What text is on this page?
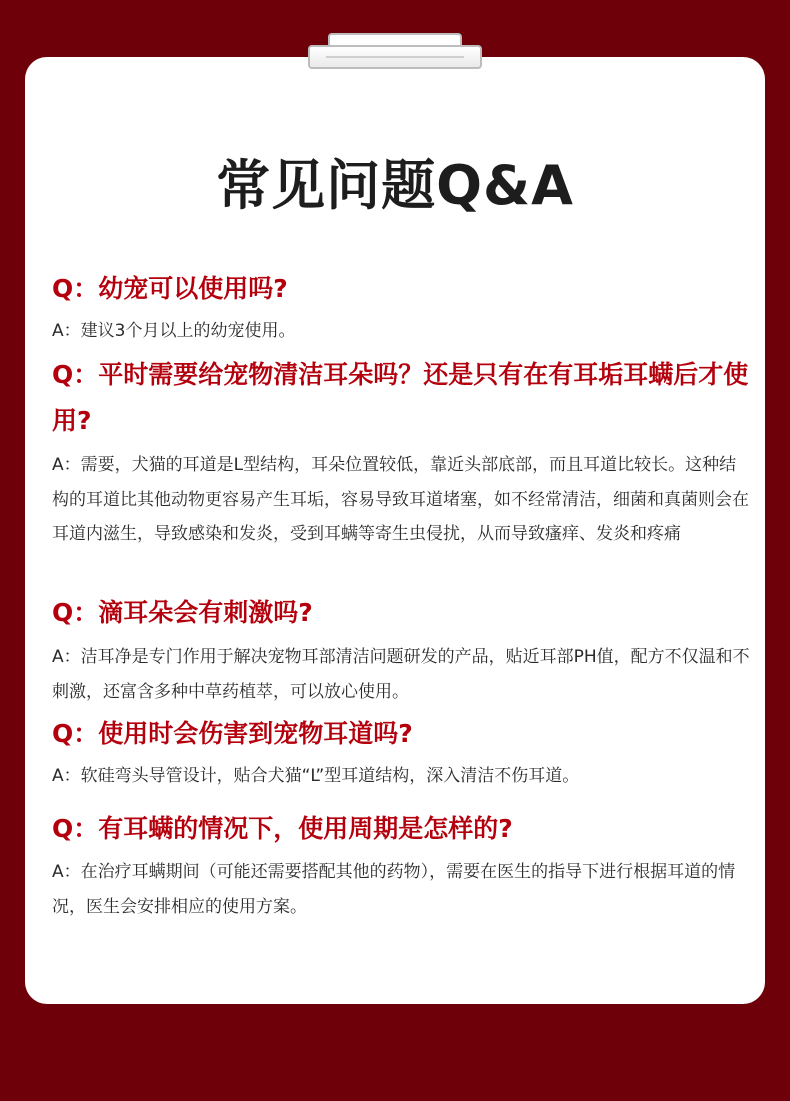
常见问题Q&A
Q：幼宠可以使用吗?
A：建议3个月以上的幼宠使用。
Q：平时需要给宠物清洁耳朵吗？还是只有在有耳垢耳螨后才使用?
A：需要，犬猫的耳道是L型结构，耳朵位置较低，靠近头部底部，而且耳道比较长。这种结构的耳道比其他动物更容易产生耳垢，容易导致耳道堵塞，如不经常清洁，细菌和真菌则会在耳道内滋生，导致感染和发炎，受到耳螨等寄生虫侵扰，从而导致瘙痒、发炎和疼痛
Q：滴耳朵会有刺激吗?
A：洁耳净是专门作用于解决宠物耳部清洁问题研发的产品，贴近耳部PH值，配方不仅温和不刺激，还富含多种中草药植萃，可以放心使用。
Q：使用时会伤害到宠物耳道吗?
A：软硅弯头导管设计，贴合犬猫“L”型耳道结构，深入清洁不伤耳道。
Q：有耳螨的情况下，使用周期是怎样的?
A：在治疗耳螨期间（可能还需要搭配其他的药物），需要在医生的指导下进行根据耳道的情况，医生会安排相应的使用方案。
